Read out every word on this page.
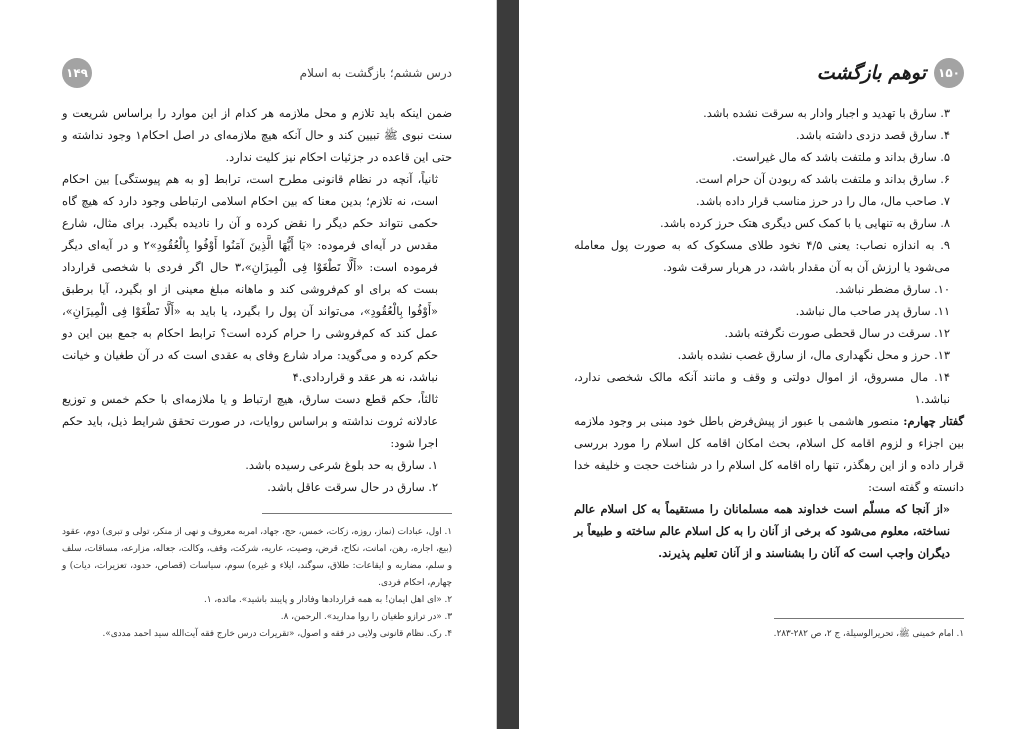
درس ششم؛ بازگشت به اسلام
۱۴۹

ضمن اینکه باید تلازم و محل ملازمه هر کدام از این موارد را براساس شریعت و سنت نبوی ﷺ تبیین کند و حال آنکه هیچ ملازمه‌ای در اصل احکام۱ وجود نداشته و حتی این قاعده در جزئیات احکام نیز کلیت ندارد.

ثانیاً، آنچه در نظام قانونی مطرح است، ترابط [و به هم پیوستگی] بین احکام است، نه تلازم؛ بدین معنا که بین احکام اسلامی ارتباطی وجود دارد که هیچ گاه حکمی نتواند حکم دیگر را نقض کرده و آن را نادیده بگیرد. برای مثال، شارع مقدس در آیه‌ای فرموده: «یَا أَیُّهَا الَّذِینَ آمَنُوا أَوْفُوا بِالْعُقُودِ»۲ و در آیه‌ای دیگر فرموده است: «أَلَّا تَطْغَوْا فِی الْمِیزَانِ»،۳ حال اگر فردی با شخصی قرارداد بست که برای او کم‌فروشی کند و ماهانه مبلغ معینی از او بگیرد، آیا برطبق «أَوْفُوا بِالْعُقُودِ»، می‌تواند آن پول را بگیرد، یا باید به «أَلَّا تَطْغَوْا فِی الْمِیزَانِ»، عمل کند که کم‌فروشی را حرام کرده است؟ ترابط احکام به جمع بین این دو حکم کرده و می‌گوید: مراد شارع وفای به عقدی است که در آن طغیان و خیانت نباشد، نه هر عقد و قراردادی.۴

ثالثاً، حکم قطع دست سارق، هیچ ارتباط و یا ملازمه‌ای با حکم خمس و توزیع عادلانه ثروت نداشته و براساس روایات، در صورت تحقق شرایط ذیل، باید حکم اجرا شود:

۱. سارق به حد بلوغ شرعی رسیده باشد.
۲. سارق در حال سرقت عاقل باشد.

۱. اول، عبادات (نماز، روزه، زکات، خمس، حج، جهاد، امربه معروف و نهی از منکر، تولی و تبری) دوم، عقود (بیع، اجاره، رهن، امانت، نکاح، قرض، وصیت، عاریه، شرکت، وقف، وکالت، جعاله، مزارعه، مساقات، سلف و سلم، مضاربه و ایقاعات: طلاق، سوگند، ایلاء و غیره) سوم، سیاسات (قصاص، حدود، تعزیرات، دیات) و چهارم، احکام فردی.

۲. «ای اهل ایمان! به همه قراردادها وفادار و پایبند باشید». مائده، ۱.

۳. «در ترازو طغیان را روا مدارید». الرحمن، ۸.

۴. رک. نظام قانونی ولایی در فقه و اصول، «تقریرات درس خارج فقه آیت‌الله سید احمد مددی».

۱۵۰
توهم بازگشت
۳. سارق با تهدید و اجبار وادار به سرقت نشده باشد.
۴. سارق قصد دزدی داشته باشد.
۵. سارق بداند و ملتفت باشد که مال غیراست.
۶. سارق بداند و ملتفت باشد که ربودن آن حرام است.
۷. صاحب مال، مال را در حرز مناسب قرار داده باشد.
۸. سارق به تنهایی یا با کمک کس دیگری هتک حرز کرده باشد.
۹. به اندازه نصاب: یعنی ۴/۵ نخود طلای مسکوک که به صورت پول معامله می‌شود یا ارزش آن به آن مقدار باشد، در هربار سرقت شود.
۱۰. سارق مضطر نباشد.
۱۱. سارق پدر صاحب مال نباشد.
۱۲. سرقت در سال قحطی صورت نگرفته باشد.
۱۳. حرز و محل نگهداری مال، از سارق غصب نشده باشد.
۱۴. مال مسروق، از اموال دولتی و وقف و مانند آنکه مالک شخصی ندارد، نباشد.۱

گفتار چهارم: منصور هاشمی با عبور از پیش‌فرض باطل خود مبنی بر وجود ملازمه بین اجزاء و لزوم اقامه کل اسلام، بحث امکان اقامه کل اسلام را مورد بررسی قرار داده و از این رهگذر، تنها راه اقامه کل اسلام را در شناخت حجت و خلیفه خدا دانسته و گفته است:

«از آنجا که مسلّم است خداوند همه مسلمانان را مستقیماً به کل اسلام عالم نساخته، معلوم می‌شود که برخی از آنان را به کل اسلام عالم ساخته و طبیعاً بر دیگران واجب است که آنان را بشناسند و از آنان تعلیم پذیرند.

۱. امام خمینی ﷺ، تحریرالوسیلة، ج ۲، ص ۲۸۲-۲۸۳.
